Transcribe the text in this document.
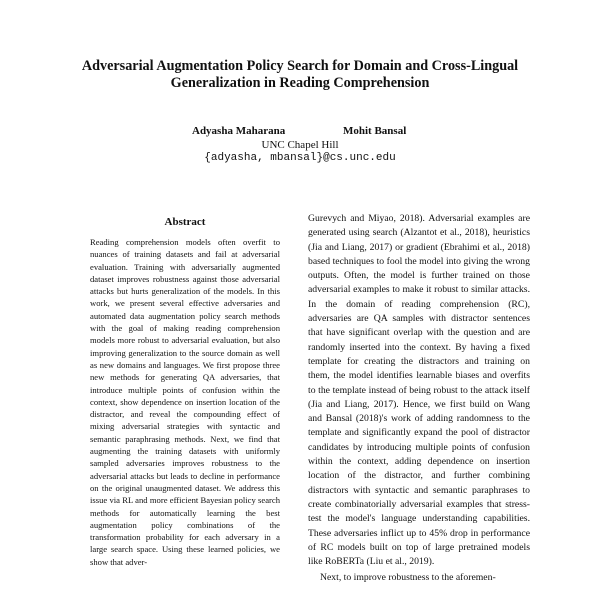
Adversarial Augmentation Policy Search for Domain and Cross-Lingual Generalization in Reading Comprehension
Adyasha Maharana	Mohit Bansal
UNC Chapel Hill
{adyasha, mbansal}@cs.unc.edu
Abstract

Reading comprehension models often overfit to nuances of training datasets and fail at adversarial evaluation. Training with adversarially augmented dataset improves robustness against those adversarial attacks but hurts generalization of the models. In this work, we present several effective adversaries and automated data augmentation policy search methods with the goal of making reading comprehension models more robust to adversarial evaluation, but also improving generalization to the source domain as well as new domains and languages. We first propose three new methods for generating QA adversaries, that introduce multiple points of confusion within the context, show dependence on insertion location of the distractor, and reveal the compounding effect of mixing adversarial strategies with syntactic and semantic paraphrasing methods. Next, we find that augmenting the training datasets with uniformly sampled adversaries improves robustness to the adversarial attacks but leads to decline in performance on the original unaugmented dataset. We address this issue via RL and more efficient Bayesian policy search methods for automatically learning the best augmentation policy combinations of the transformation probability for each adversary in a large search space. Using these learned policies, we show that adver-

Gurevych and Miyao, 2018). Adversarial examples are generated using search (Alzantot et al., 2018), heuristics (Jia and Liang, 2017) or gradient (Ebrahimi et al., 2018) based techniques to fool the model into giving the wrong outputs. Often, the model is further trained on those adversarial examples to make it robust to similar attacks. In the domain of reading comprehension (RC), adversaries are QA samples with distractor sentences that have significant overlap with the question and are randomly inserted into the context. By having a fixed template for creating the distractors and training on them, the model identifies learnable biases and overfits to the template instead of being robust to the attack itself (Jia and Liang, 2017). Hence, we first build on Wang and Bansal (2018)'s work of adding randomness to the template and significantly expand the pool of distractor candidates by introducing multiple points of confusion within the context, adding dependence on insertion location of the distractor, and further combining distractors with syntactic and semantic paraphrases to create combinatorially adversarial examples that stress-test the model's language understanding capabilities. These adversaries inflict up to 45% drop in performance of RC models built on top of large pretrained models like RoBERTa (Liu et al., 2019).

Next, to improve robustness to the aforemen-
